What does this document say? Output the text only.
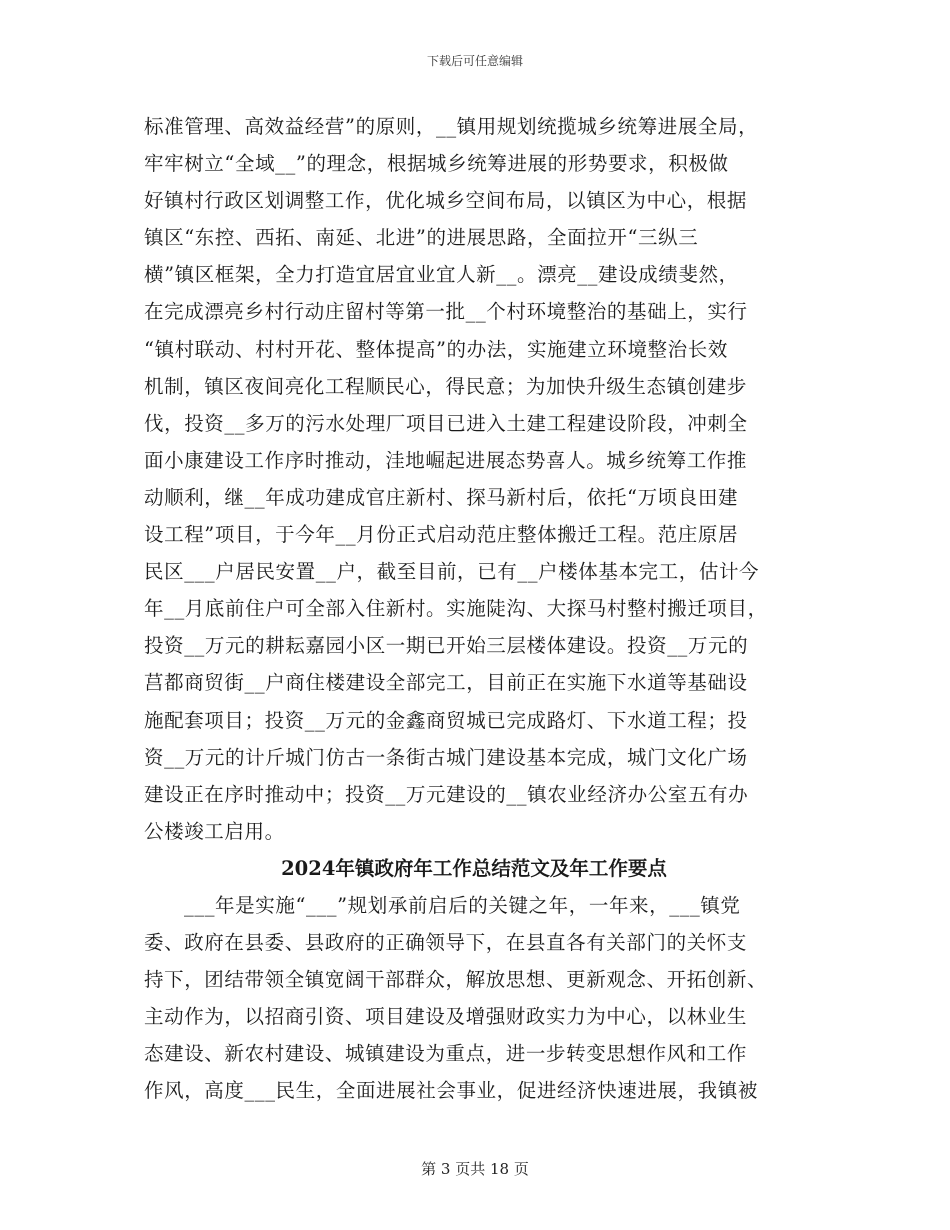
下载后可任意编辑
标准管理、高效益经营”的原则，__镇用规划统揽城乡统筹进展全局，
牢牢树立“全域__”的理念，根据城乡统筹进展的形势要求，积极做
好镇村行政区划调整工作，优化城乡空间布局，以镇区为中心，根据
镇区“东控、西拓、南延、北进”的进展思路，全面拉开“三纵三
横”镇区框架，全力打造宜居宜业宜人新__。漂亮__建设成绩斐然，
在完成漂亮乡村行动庄留村等第一批__个村环境整治的基础上，实行
“镇村联动、村村开花、整体提高”的办法，实施建立环境整治长效
机制，镇区夜间亮化工程顺民心，得民意；为加快升级生态镇创建步
伐，投资__多万的污水处理厂项目已进入土建工程建设阶段，冲刺全
面小康建设工作序时推动，洼地崛起进展态势喜人。城乡统筹工作推
动顺利，继__年成功建成官庄新村、探马新村后，依托“万顷良田建
设工程”项目，于今年__月份正式启动范庄整体搬迁工程。范庄原居
民区___户居民安置__户，截至目前，已有__户楼体基本完工，估计今
年__月底前住户可全部入住新村。实施陡沟、大探马村整村搬迁项目，
投资__万元的耕耘嘉园小区一期已开始三层楼体建设。投资__万元的
莒都商贸街__户商住楼建设全部完工，目前正在实施下水道等基础设
施配套项目；投资__万元的金鑫商贸城已完成路灯、下水道工程；投
资__万元的计斤城门仿古一条街古城门建设基本完成，城门文化广场
建设正在序时推动中；投资__万元建设的__镇农业经济办公室五有办
公楼竣工启用。
2024年镇政府年工作总结范文及年工作要点
___年是实施“___”规划承前启后的关键之年，一年来，___镇党
委、政府在县委、县政府的正确领导下，在县直各有关部门的关怀支
持下，团结带领全镇宽阔干部群众，解放思想、更新观念、开拓创新、
主动作为，以招商引资、项目建设及增强财政实力为中心，以林业生
态建设、新农村建设、城镇建设为重点，进一步转变思想作风和工作
作风，高度___民生，全面进展社会事业，促进经济快速进展，我镇被
第 3 页共 18 页
